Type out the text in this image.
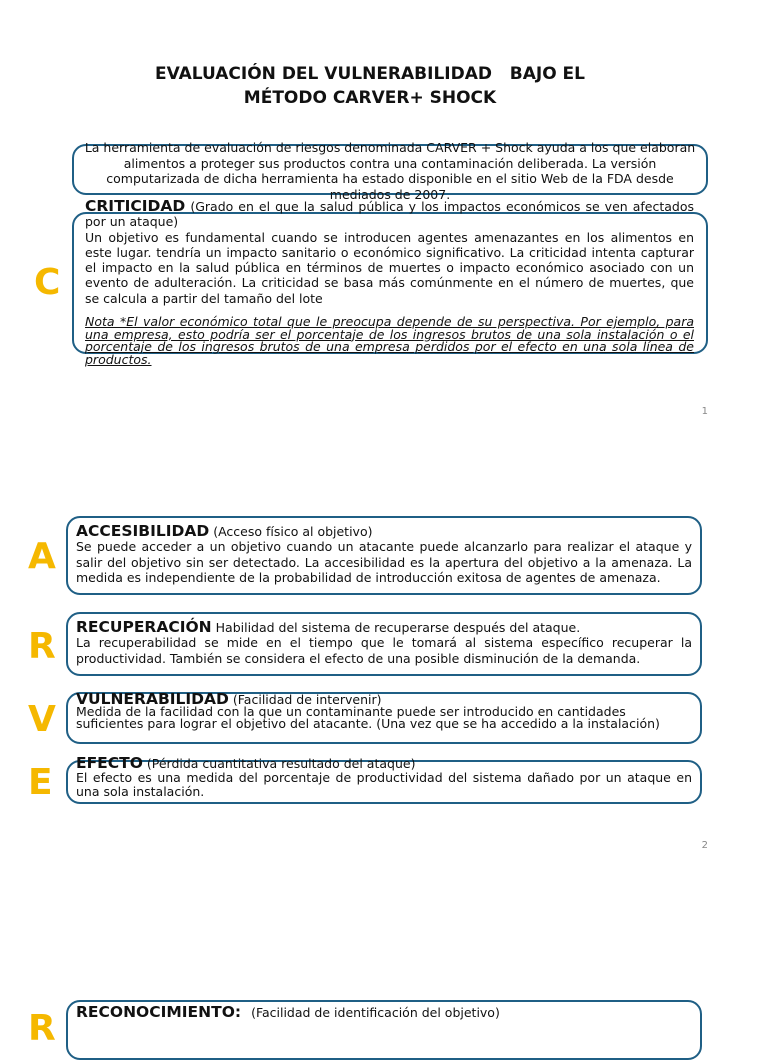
EVALUACIÓN DEL VULNERABILIDAD   BAJO EL
MÉTODO CARVER+ SHOCK
La herramienta de evaluación de riesgos denominada CARVER + Shock ayuda a los que elaboran alimentos a proteger sus productos contra una contaminación deliberada. La versión computarizada de dicha herramienta ha estado disponible en el sitio Web de la FDA desde mediados de 2007.
C
CRITICIDAD (Grado en el que la salud pública y los impactos económicos se ven afectados por un ataque)
Un objetivo es fundamental cuando se introducen agentes amenazantes en los alimentos en este lugar. tendría un impacto sanitario o económico significativo. La criticidad intenta capturar el impacto en la salud pública en términos de muertes o impacto económico asociado con un evento de adulteración. La criticidad se basa más comúnmente en el número de muertes, que se calcula a partir del tamaño del lote
Nota *El valor económico total que le preocupa depende de su perspectiva. Por ejemplo, para una empresa, esto podría ser el porcentaje de los ingresos brutos de una sola instalación o el porcentaje de los ingresos brutos de una empresa perdidos por el efecto en una sola línea de productos.
1
A
ACCESIBILIDAD (Acceso físico al objetivo)
Se puede acceder a un objetivo cuando un atacante puede alcanzarlo para realizar el ataque y salir del objetivo sin ser detectado. La accesibilidad es la apertura del objetivo a la amenaza. La medida es independiente de la probabilidad de introducción exitosa de agentes de amenaza.
R RECUPERACIÓN Habilidad del sistema de recuperarse después del ataque.
La recuperabilidad se mide en el tiempo que le tomará al sistema específico recuperar la productividad. También se considera el efecto de una posible disminución de la demanda.
V VULNERABILIDAD (Facilidad de intervenir)
Medida de la facilidad con la que un contaminante puede ser introducido en cantidades suficientes para lograr el objetivo del atacante. (Una vez que se ha accedido a la instalación)
E EFECTO (Pérdida cuantitativa resultado del ataque)
El efecto es una medida del porcentaje de productividad del sistema dañado por un ataque en una sola instalación.
2
R RECONOCIMIENTO: (Facilidad de identificación del objetivo)
